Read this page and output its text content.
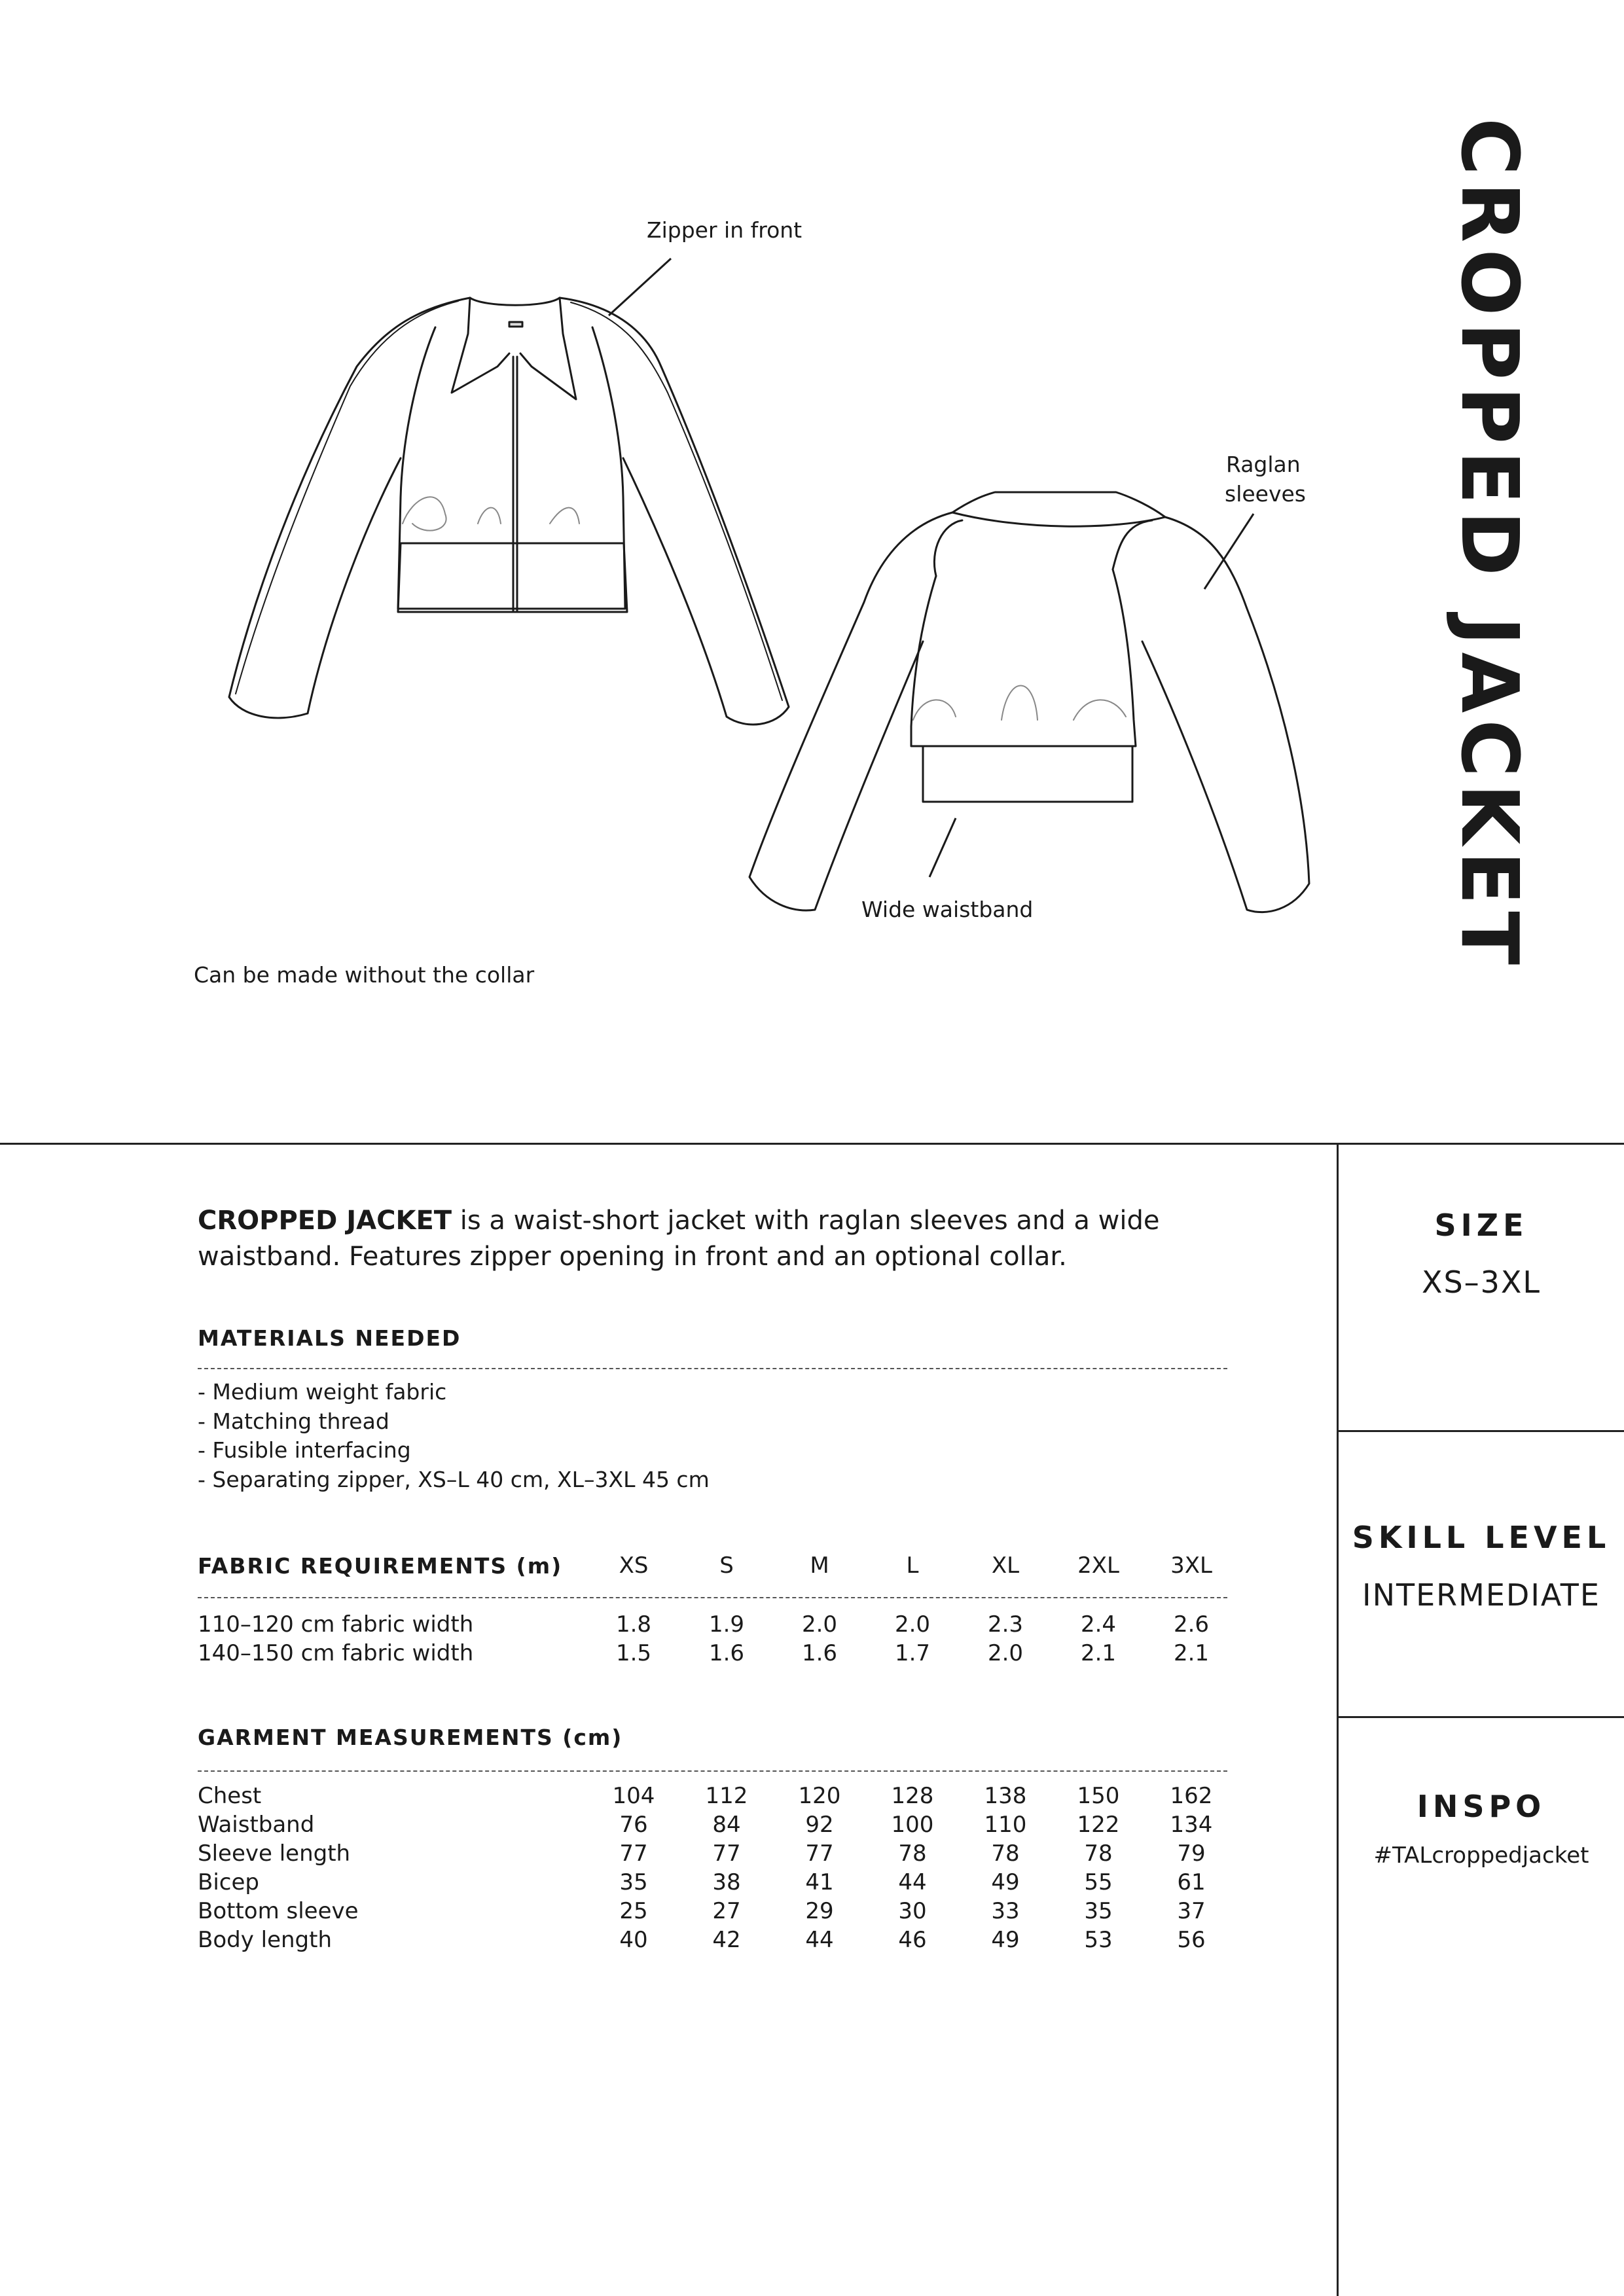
CROPPED JACKET
Zipper in front
Raglan
sleeves
Wide waistband
Can be made without the collar
CROPPED JACKET is a waist-short jacket with raglan sleeves and a wide waistband. Features zipper opening in front and an optional collar.
MATERIALS NEEDED
- Medium weight fabric
- Matching thread
- Fusible interfacing
- Separating zipper, XS–L 40 cm, XL–3XL 45 cm
FABRIC REQUIREMENTS (m)	XS	S	M	L	XL	2XL	3XL
110–120 cm fabric width	1.8	1.9	2.0	2.0	2.3	2.4	2.6
140–150 cm fabric width	1.5	1.6	1.6	1.7	2.0	2.1	2.1
GARMENT MEASUREMENTS (cm)
Chest	104	112	120	128	138	150	162
Waistband	76	84	92	100	110	122	134
Sleeve length	77	77	77	78	78	78	79
Bicep	35	38	41	44	49	55	61
Bottom sleeve	25	27	29	30	33	35	37
Body length	40	42	44	46	49	53	56
SIZE
XS–3XL
SKILL LEVEL
INTERMEDIATE
INSPO
#TALcroppedjacket
